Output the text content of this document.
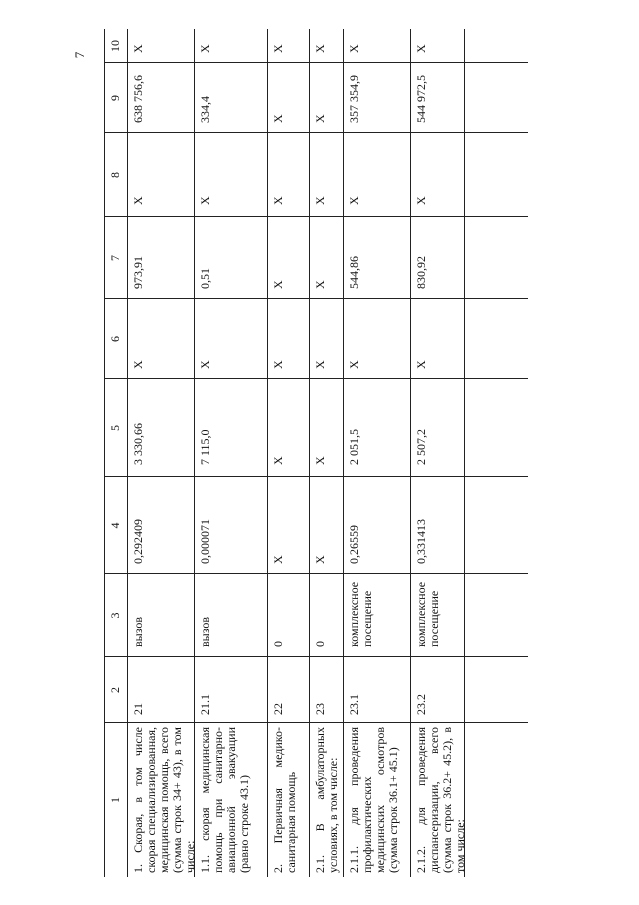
7
1
2
3
4
5
6
7
8
9
10
1. Скорая, в том числе скорая специализированная, медицинская помощь, всего (сумма строк 34+ 43), в том числе:
21
вызов
0,292409
3 330,66
Х
973,91
Х
638 756,6
Х
1.1. скорая медицинская помощь при санитарно-авиационной эвакуации (равно строке 43.1)
21.1
вызов
0,000071
7 115,0
Х
0,51
Х
334,4
Х
2. Первичная медико-санитарная помощь
22
0
Х
Х
Х
Х
Х
Х
Х
2.1. В амбулаторных условиях, в том числе:
23
0
Х
Х
Х
Х
Х
Х
Х
2.1.1. для проведения профилактических медицинских осмотров (сумма строк 36.1+ 45.1)
23.1
комплексное посещение
0,26559
2 051,5
Х
544,86
Х
357 354,9
Х
2.1.2. для проведения диспансеризации, всего (сумма строк 36.2+ 45.2), в том числе:
23.2
комплексное посещение
0,331413
2 507,2
Х
830,92
Х
544 972,5
Х
